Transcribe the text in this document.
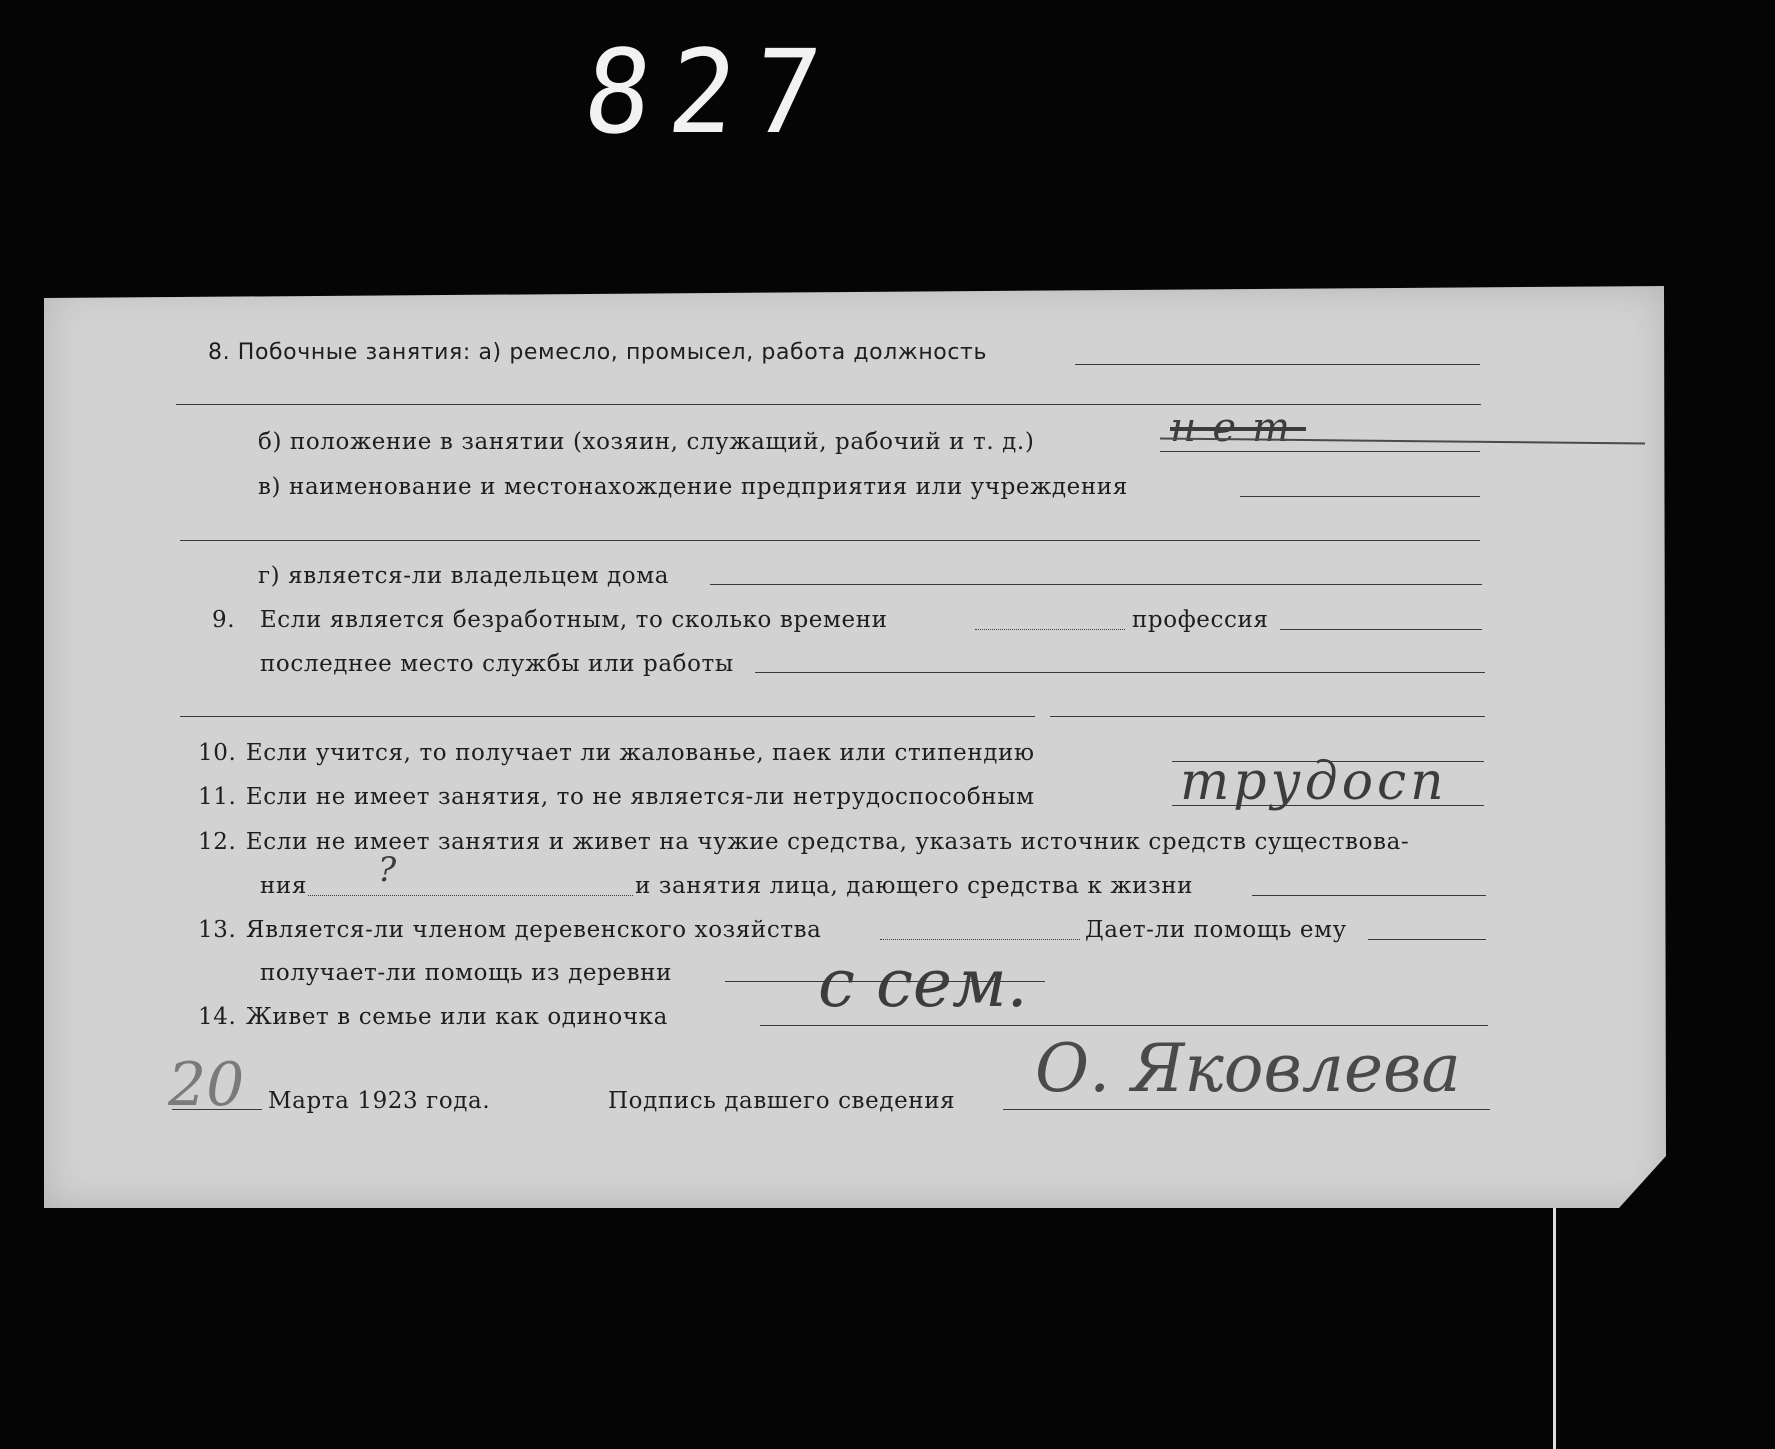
827
8. Побочные занятия: а) ремесло, промысел, работа должность
б) положение в занятии (хозяин, служащий, рабочий и т. д.)	нет
в) наименование и местонахождение предприятия или учреждения
г) является-ли владельцем дома
9. Если является безработным, то сколько времени	профессия
последнее место службы или работы
10. Если учится, то получает ли жалованье, паек или стипендию
11. Если не имеет занятия, то не является-ли нетрудоспособным	трудосп
12. Если не имеет занятия и живет на чужие средства, указать источник средств существова-
ния ?	и занятия лица, дающего средства к жизни
13. Является-ли членом деревенского хозяйства	Дает-ли помощь ему
получает-ли помощь из деревни
14. Живет в семье или как одиночка с сем.
20 Марта 1923 года.	Подпись давшего сведения О. Яковлева
